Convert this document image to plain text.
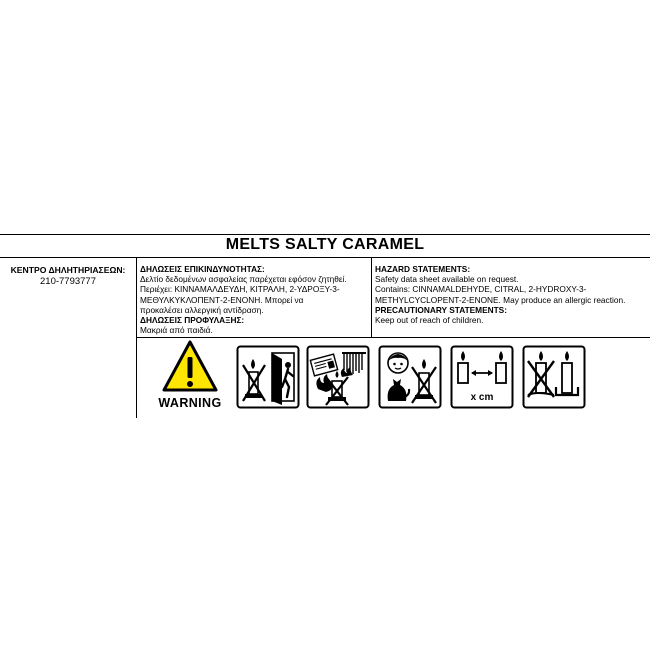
MELTS SALTY CARAMEL
ΚΕΝΤΡΟ ΔΗΛΗΤΗΡΙΑΣΕΩΝ:
210-7793777
ΔΗΛΩΣΕΙΣ ΕΠΙΚΙΝΔΥΝΟΤΗΤΑΣ:
Δελτίο δεδομένων ασφαλείας παρέχεται εφόσον ζητηθεί.
Περιέχει: ΚΙΝΝΑΜΑΛΔΕΥΔΗ, ΚΙΤΡΑΛΗ, 2-ΥΔΡΟΞΥ-3-
ΜΕΘΥΛΚΥΚΛΟΠΕΝΤ-2-ΕΝΟΝΗ. Μπορεί να
προκαλέσει αλλεργική αντίδραση.
ΔΗΛΩΣΕΙΣ ΠΡΟΦΥΛΑΞΗΣ:
Μακριά από παιδιά.
HAZARD STATEMENTS:
Safety data sheet available on request.
Contains: CINNAMALDEHYDE, CITRAL, 2-HYDROXY-3-
METHYLCYCLOPENT-2-ENONE. May produce an allergic reaction.
PRECAUTIONARY STATEMENTS:
Keep out of reach of children.
WARNING	x cm
